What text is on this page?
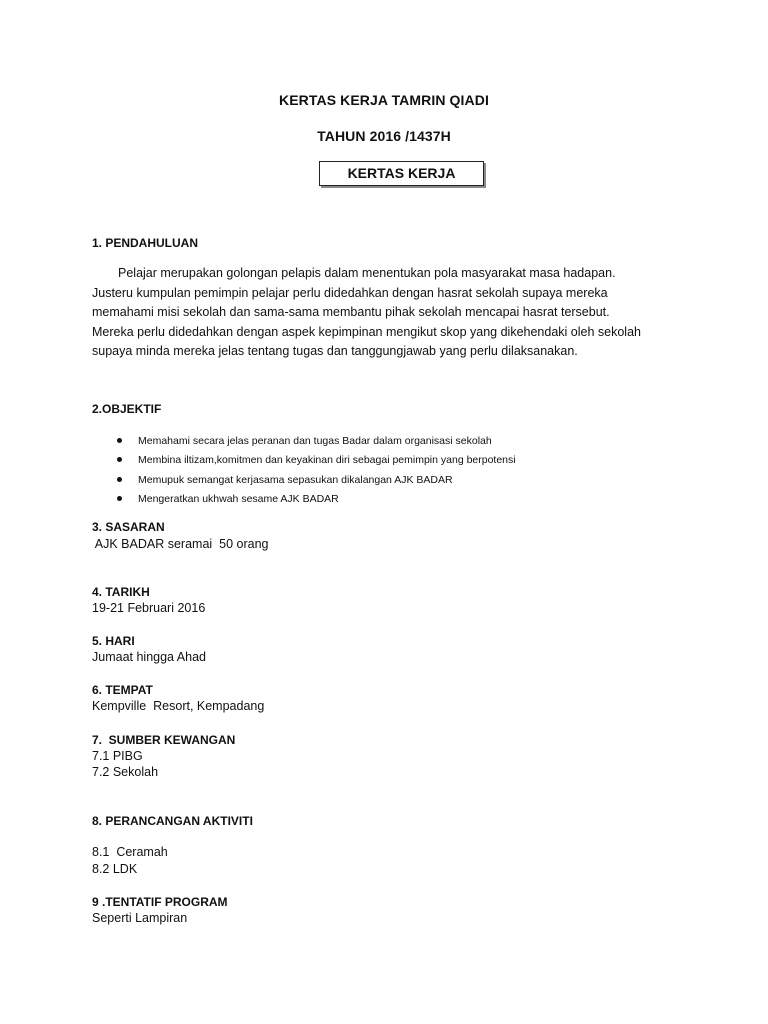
KERTAS KERJA TAMRIN QIADI
TAHUN 2016 /1437H
KERTAS KERJA
1. PENDAHULUAN
Pelajar merupakan golongan pelapis dalam menentukan pola masyarakat masa hadapan.
Justeru kumpulan pemimpin pelajar perlu didedahkan dengan hasrat sekolah supaya mereka
memahami misi sekolah dan sama-sama membantu pihak sekolah mencapai hasrat tersebut.
Mereka perlu didedahkan dengan aspek kepimpinan mengikut skop yang dikehendaki oleh sekolah
supaya minda mereka jelas tentang tugas dan tanggungjawab yang perlu dilaksanakan.
2.OBJEKTIF
Memahami secara jelas peranan dan tugas Badar dalam organisasi sekolah
Membina iltizam,komitmen dan keyakinan diri sebagai pemimpin yang berpotensi
Memupuk semangat kerjasama sepasukan dikalangan AJK BADAR
Mengeratkan ukhwah sesame AJK BADAR
3. SASARAN
AJK BADAR seramai  50 orang
4. TARIKH
19-21 Februari 2016
5. HARI
Jumaat hingga Ahad
6. TEMPAT
Kempville  Resort, Kempadang
7.  SUMBER KEWANGAN
7.1 PIBG
7.2 Sekolah
8. PERANCANGAN AKTIVITI
8.1  Ceramah
8.2 LDK
9 .TENTATIF PROGRAM
Seperti Lampiran
